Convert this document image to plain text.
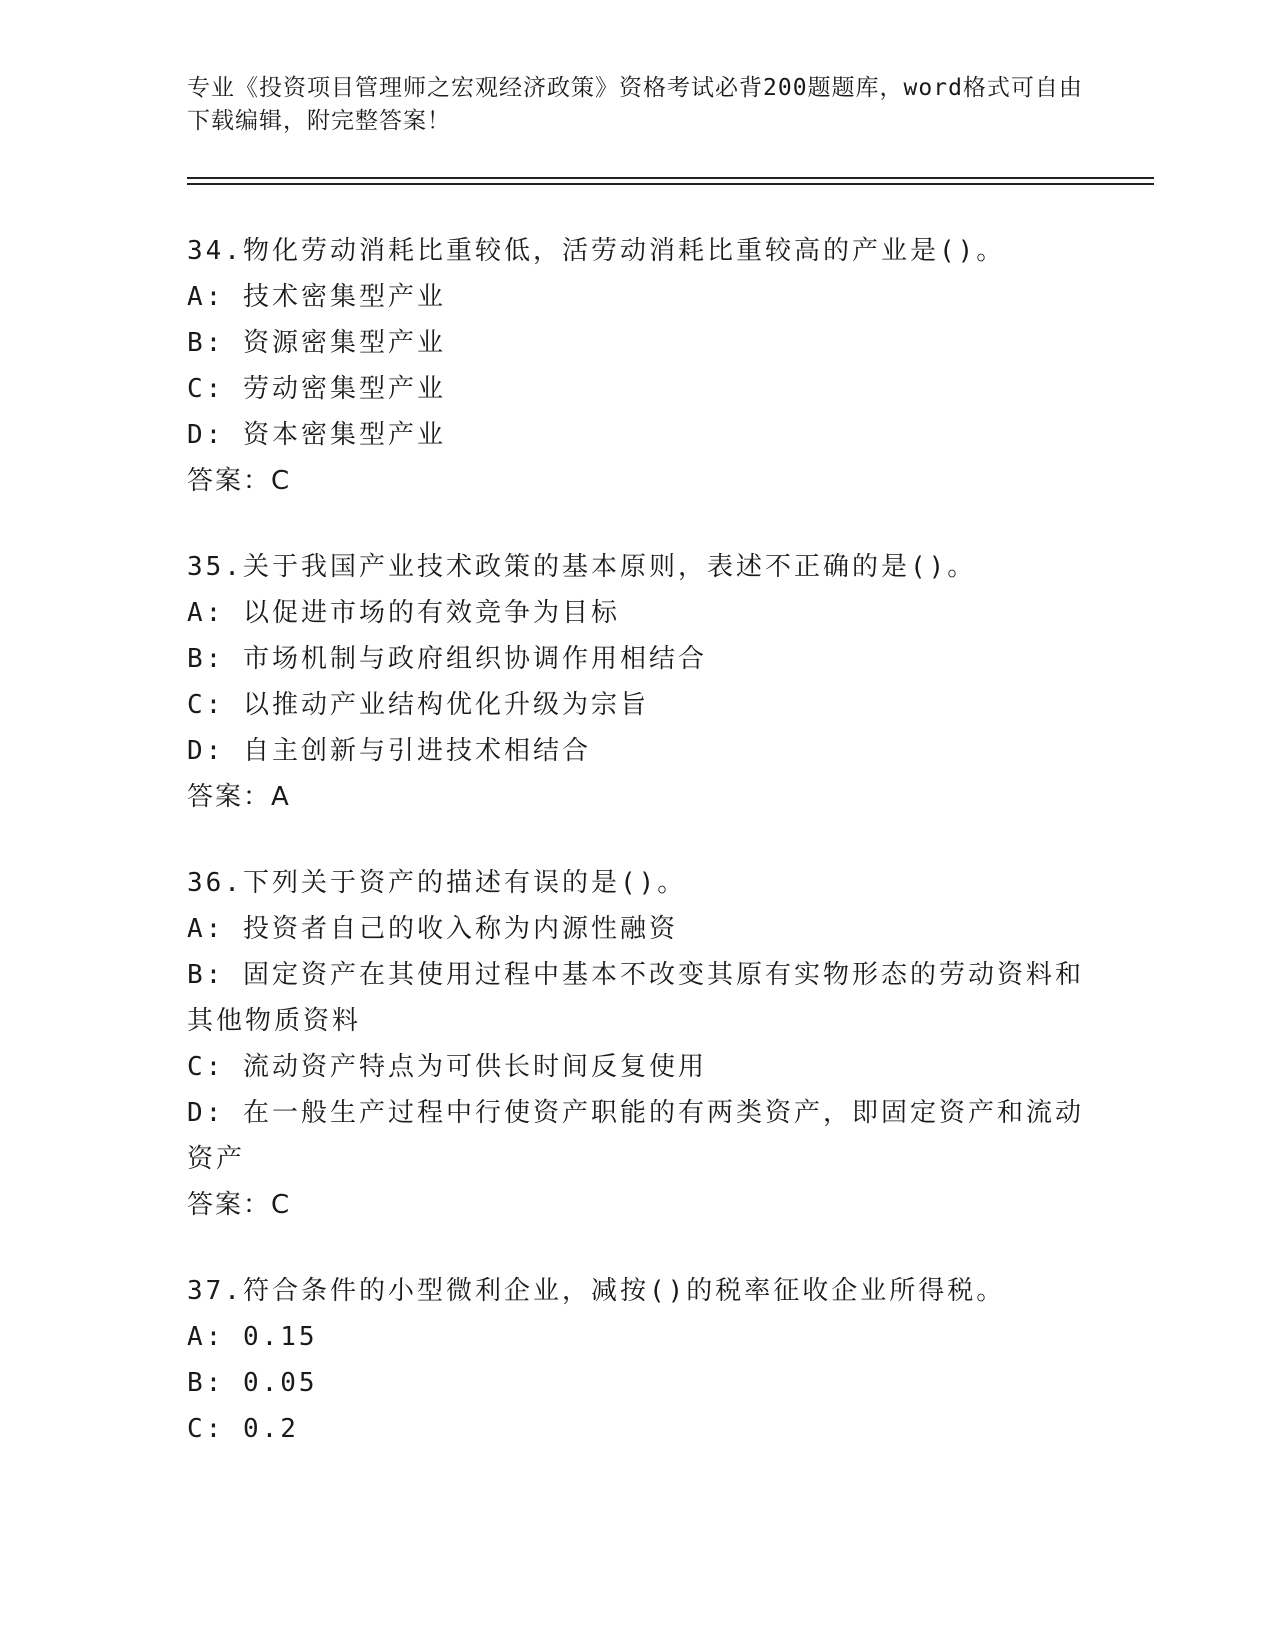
专业《投资项目管理师之宏观经济政策》资格考试必背200题题库，word格式可自由下载编辑，附完整答案！
34.物化劳动消耗比重较低，活劳动消耗比重较高的产业是()。
A: 技术密集型产业
B: 资源密集型产业
C: 劳动密集型产业
D: 资本密集型产业
答案：C
35.关于我国产业技术政策的基本原则，表述不正确的是()。
A: 以促进市场的有效竞争为目标
B: 市场机制与政府组织协调作用相结合
C: 以推动产业结构优化升级为宗旨
D: 自主创新与引进技术相结合
答案：A
36.下列关于资产的描述有误的是()。
A: 投资者自己的收入称为内源性融资
B: 固定资产在其使用过程中基本不改变其原有实物形态的劳动资料和其他物质资料
C: 流动资产特点为可供长时间反复使用
D: 在一般生产过程中行使资产职能的有两类资产，即固定资产和流动资产
答案：C
37.符合条件的小型微利企业，减按()的税率征收企业所得税。
A: 0.15
B: 0.05
C: 0.2
